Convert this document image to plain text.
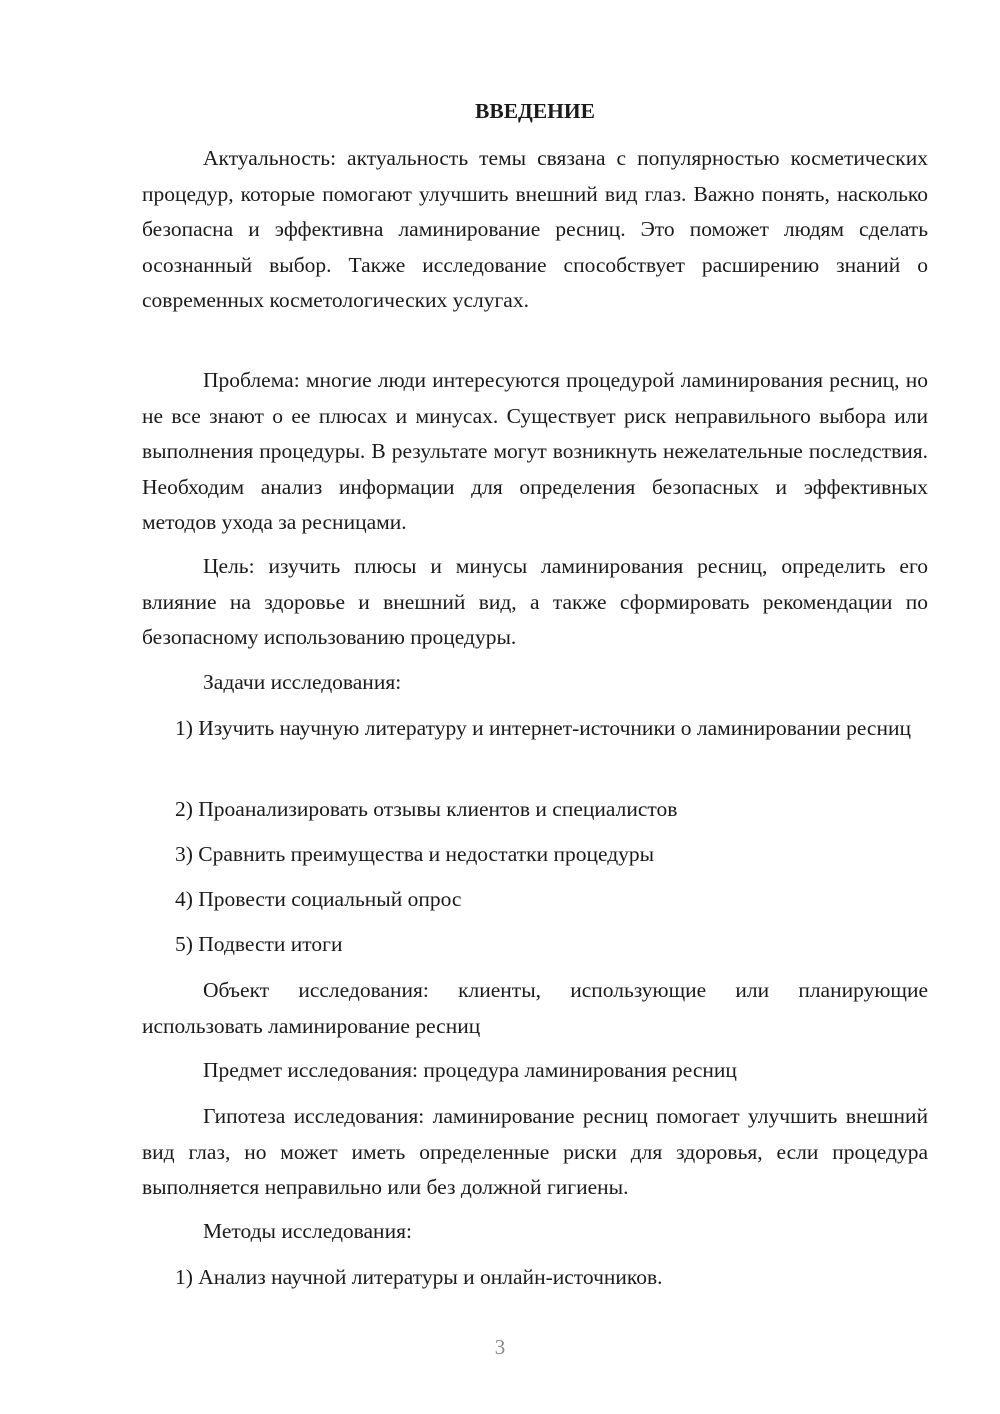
ВВЕДЕНИЕ

Актуальность: актуальность темы связана с популярностью косметических процедур, которые помогают улучшить внешний вид глаз. Важно понять, насколько безопасна и эффективна ламинирование ресниц. Это поможет людям сделать осознанный выбор. Также исследование способствует расширению знаний о современных косметологических услугах.

Проблема: многие люди интересуются процедурой ламинирования ресниц, но не все знают о ее плюсах и минусах. Существует риск неправильного выбора или выполнения процедуры. В результате могут возникнуть нежелательные последствия. Необходим анализ информации для определения безопасных и эффективных методов ухода за ресницами.

Цель: изучить плюсы и минусы ламинирования ресниц, определить его влияние на здоровье и внешний вид, а также сформировать рекомендации по безопасному использованию процедуры.

Задачи исследования:

1) Изучить научную литературу и интернет-источники о ламинировании ресниц

2) Проанализировать отзывы клиентов и специалистов

3) Сравнить преимущества и недостатки процедуры

4) Провести социальный опрос

5) Подвести итоги

Объект исследования: клиенты, использующие или планирующие использовать ламинирование ресниц

Предмет исследования: процедура ламинирования ресниц

Гипотеза исследования: ламинирование ресниц помогает улучшить внешний вид глаз, но может иметь определенные риски для здоровья, если процедура выполняется неправильно или без должной гигиены.

Методы исследования:

1) Анализ научной литературы и онлайн-источников.

3
